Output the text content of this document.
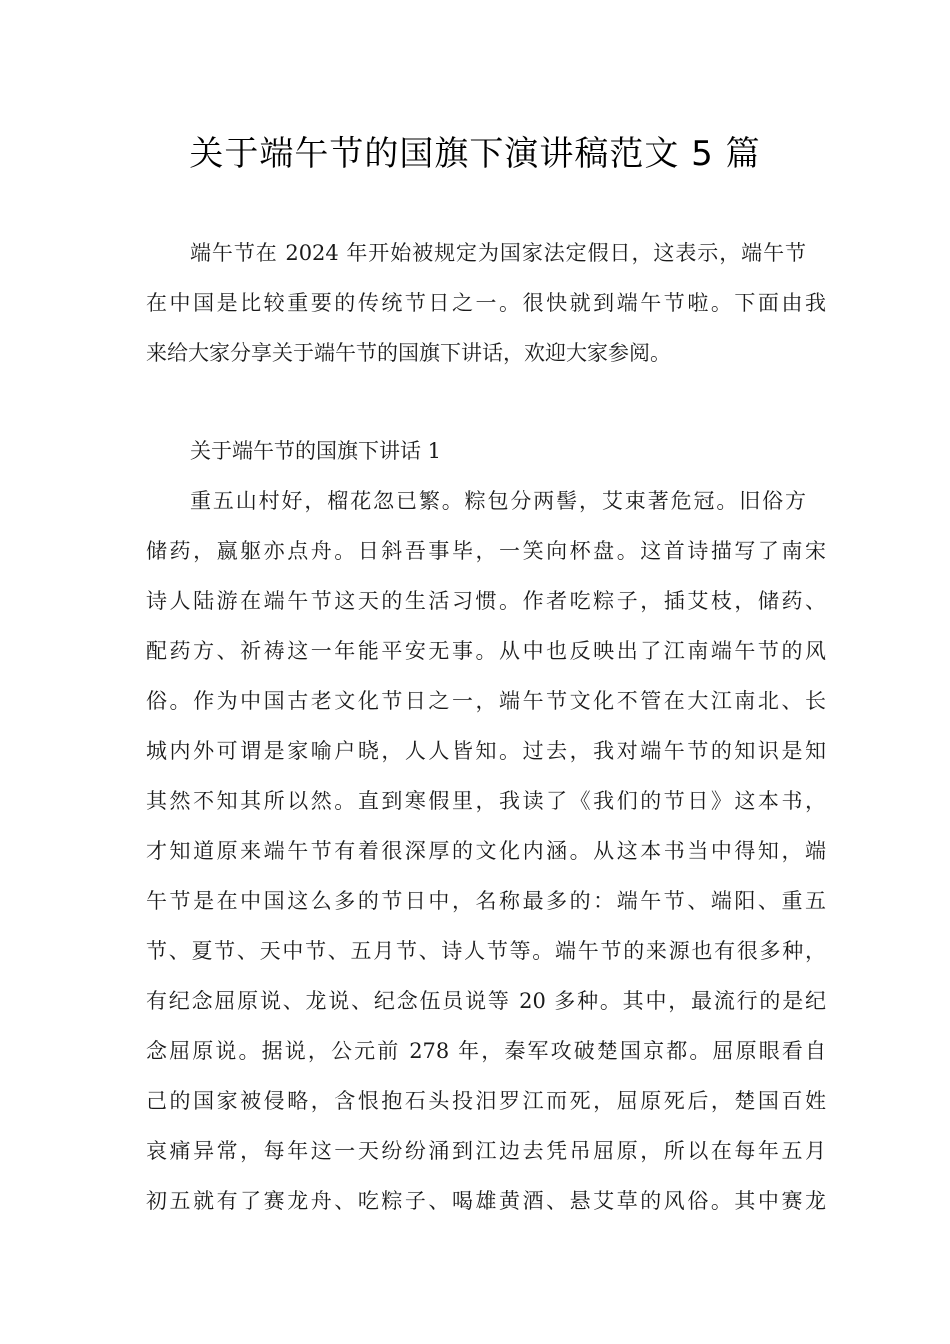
关于端午节的国旗下演讲稿范文 5 篇
端午节在 2024 年开始被规定为国家法定假日，这表示，端午节
在中国是比较重要的传统节日之一。很快就到端午节啦。下面由我
来给大家分享关于端午节的国旗下讲话，欢迎大家参阅。
关于端午节的国旗下讲话 1
重五山村好，榴花忽已繁。粽包分两髻，艾束著危冠。旧俗方
储药，嬴躯亦点舟。日斜吾事毕，一笑向杯盘。这首诗描写了南宋
诗人陆游在端午节这天的生活习惯。作者吃粽子，插艾枝，储药、
配药方、祈祷这一年能平安无事。从中也反映出了江南端午节的风
俗。作为中国古老文化节日之一，端午节文化不管在大江南北、长
城内外可谓是家喻户晓，人人皆知。过去，我对端午节的知识是知
其然不知其所以然。直到寒假里，我读了《我们的节日》这本书，
才知道原来端午节有着很深厚的文化内涵。从这本书当中得知，端
午节是在中国这么多的节日中，名称最多的：端午节、端阳、重五
节、夏节、天中节、五月节、诗人节等。端午节的来源也有很多种，
有纪念屈原说、龙说、纪念伍员说等 20 多种。其中，最流行的是纪
念屈原说。据说，公元前 278 年，秦军攻破楚国京都。屈原眼看自
己的国家被侵略，含恨抱石头投汨罗江而死，屈原死后，楚国百姓
哀痛异常，每年这一天纷纷涌到江边去凭吊屈原，所以在每年五月
初五就有了赛龙舟、吃粽子、喝雄黄酒、悬艾草的风俗。其中赛龙
